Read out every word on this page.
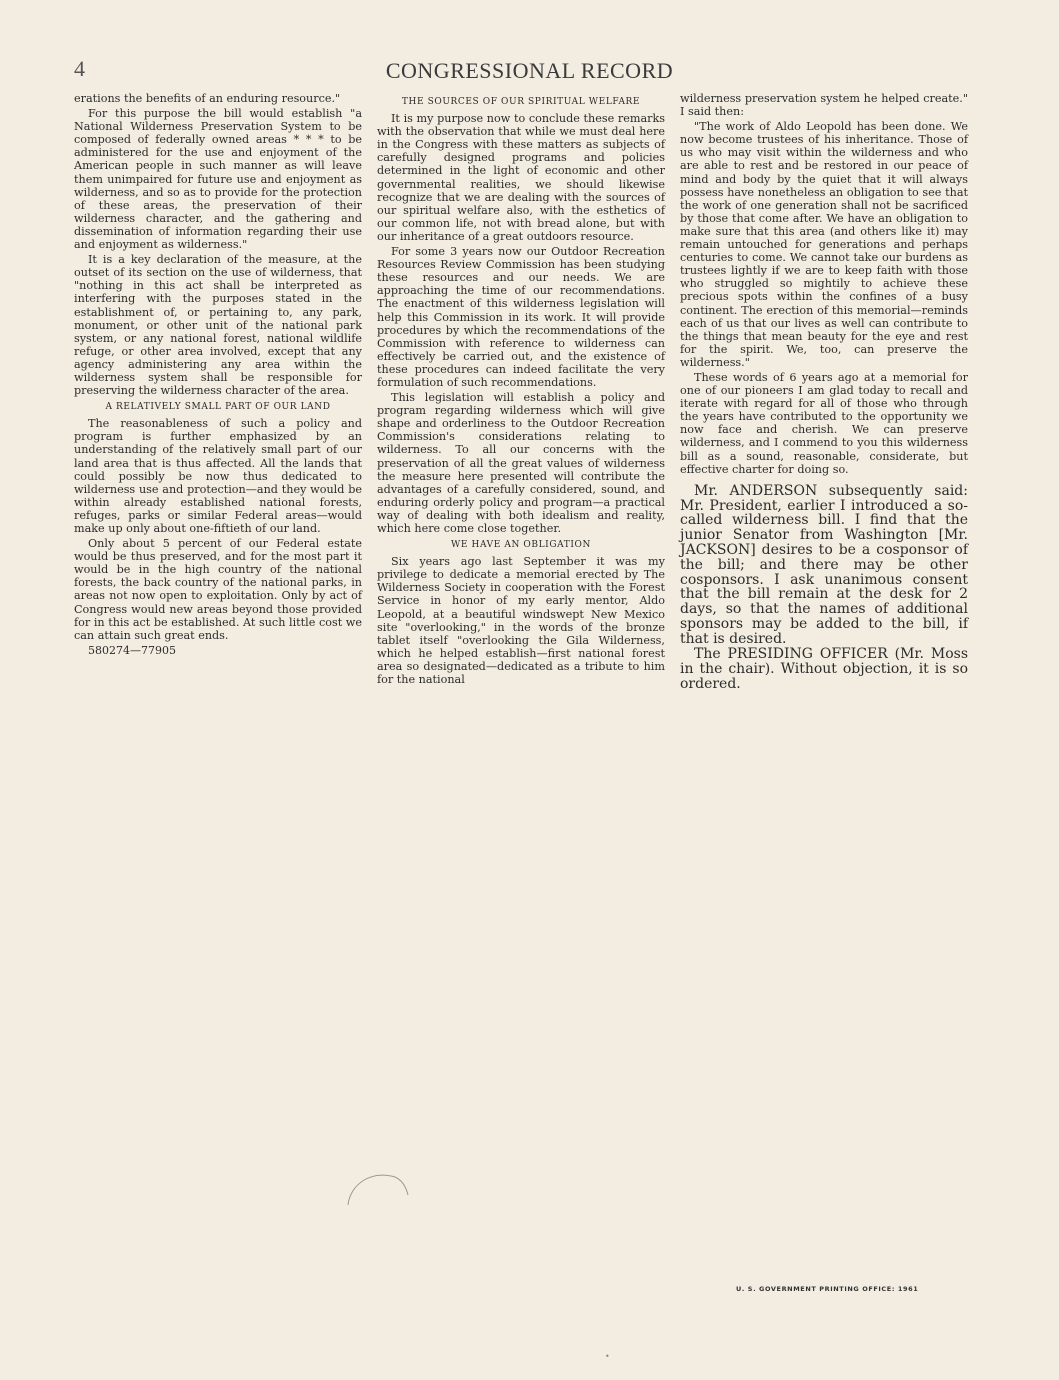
4	CONGRESSIONAL RECORD

erations the benefits of an enduring resource."

For this purpose the bill would establish "a National Wilderness Preservation System to be composed of federally owned areas * * * to be administered for the use and enjoyment of the American people in such manner as will leave them unimpaired for future use and enjoyment as wilderness, and so as to provide for the protection of these areas, the preservation of their wilderness character, and the gathering and dissemination of information regarding their use and enjoyment as wilderness."

It is a key declaration of the measure, at the outset of its section on the use of wilderness, that "nothing in this act shall be interpreted as interfering with the purposes stated in the establishment of, or pertaining to, any park, monument, or other unit of the national park system, or any national forest, national wildlife refuge, or other area involved, except that any agency administering any area within the wilderness system shall be responsible for preserving the wilderness character of the area.

A RELATIVELY SMALL PART OF OUR LAND

The reasonableness of such a policy and program is further emphasized by an understanding of the relatively small part of our land area that is thus affected. All the lands that could possibly be now thus dedicated to wilderness use and protection—and they would be within already established national forests, refuges, parks or similar Federal areas—would make up only about one-fiftieth of our land.

Only about 5 percent of our Federal estate would be thus preserved, and for the most part it would be in the high country of the national forests, the back country of the national parks, in areas not now open to exploitation. Only by act of Congress would new areas beyond those provided for in this act be established. At such little cost we can attain such great ends.

580274—77905

THE SOURCES OF OUR SPIRITUAL WELFARE

It is my purpose now to conclude these remarks with the observation that while we must deal here in the Congress with these matters as subjects of carefully designed programs and policies determined in the light of economic and other governmental realities, we should likewise recognize that we are dealing with the sources of our spiritual welfare also, with the esthetics of our common life, not with bread alone, but with our inheritance of a great outdoors resource.

For some 3 years now our Outdoor Recreation Resources Review Commission has been studying these resources and our needs. We are approaching the time of our recommendations. The enactment of this wilderness legislation will help this Commission in its work. It will provide procedures by which the recommendations of the Commission with reference to wilderness can effectively be carried out, and the existence of these procedures can indeed facilitate the very formulation of such recommendations.

This legislation will establish a policy and program regarding wilderness which will give shape and orderliness to the Outdoor Recreation Commission's considerations relating to wilderness. To all our concerns with the preservation of all the great values of wilderness the measure here presented will contribute the advantages of a carefully considered, sound, and enduring orderly policy and program—a practical way of dealing with both idealism and reality, which here come close together.

WE HAVE AN OBLIGATION

Six years ago last September it was my privilege to dedicate a memorial erected by The Wilderness Society in cooperation with the Forest Service in honor of my early mentor, Aldo Leopold, at a beautiful windswept New Mexico site "overlooking," in the words of the bronze tablet itself "overlooking the Gila Wilderness, which he helped establish—first national forest area so designated—dedicated as a tribute to him for the national

wilderness preservation system he helped create." I said then:

"The work of Aldo Leopold has been done. We now become trustees of his inheritance. Those of us who may visit within the wilderness and who are able to rest and be restored in our peace of mind and body by the quiet that it will always possess have nonetheless an obligation to see that the work of one generation shall not be sacrificed by those that come after. We have an obligation to make sure that this area (and others like it) may remain untouched for generations and perhaps centuries to come. We cannot take our burdens as trustees lightly if we are to keep faith with those who struggled so mightily to achieve these precious spots within the confines of a busy continent. The erection of this memorial—reminds each of us that our lives as well can contribute to the things that mean beauty for the eye and rest for the spirit. We, too, can preserve the wilderness."

These words of 6 years ago at a memorial for one of our pioneers I am glad today to recall and iterate with regard for all of those who through the years have contributed to the opportunity we now face and cherish. We can preserve wilderness, and I commend to you this wilderness bill as a sound, reasonable, considerate, but effective charter for doing so.

Mr. ANDERSON subsequently said: Mr. President, earlier I introduced a so-called wilderness bill. I find that the junior Senator from Washington [Mr. JACKSON] desires to be a cosponsor of the bill; and there may be other cosponsors. I ask unanimous consent that the bill remain at the desk for 2 days, so that the names of additional sponsors may be added to the bill, if that is desired.

The PRESIDING OFFICER (Mr. Moss in the chair). Without objection, it is so ordered.

•
U. S. GOVERNMENT PRINTING OFFICE: 1961
